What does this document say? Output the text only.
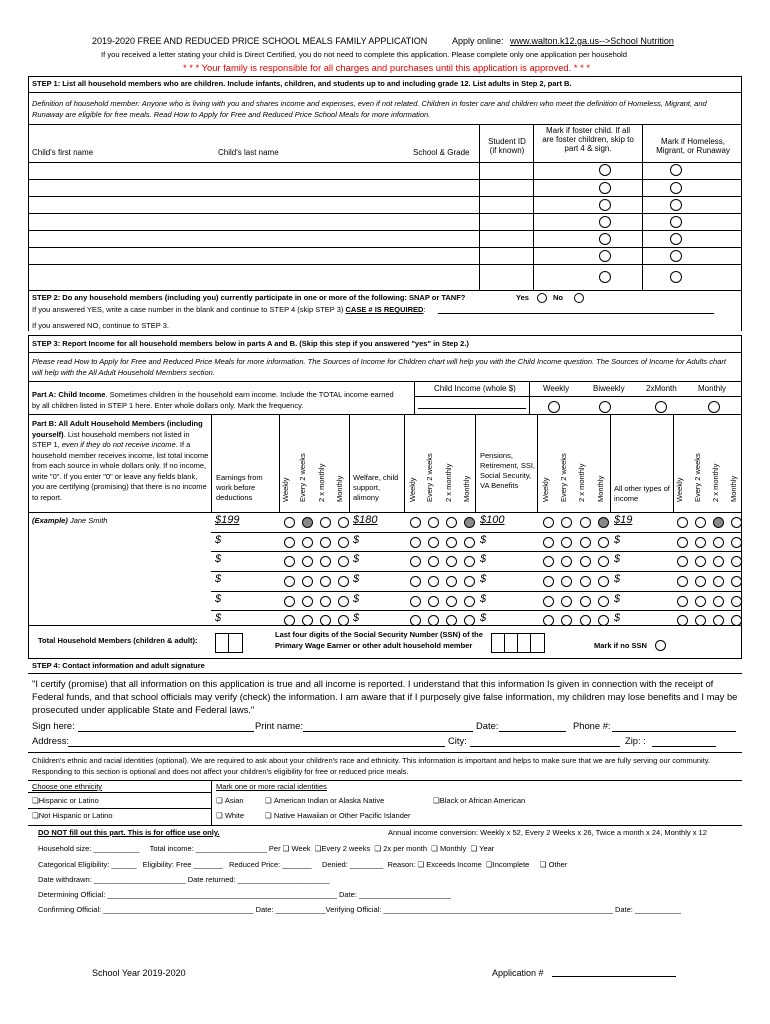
2019-2020 FREE AND REDUCED PRICE SCHOOL MEALS FAMILY APPLICATION	Apply online: www.walton.k12.ga.us-->School Nutrition
If you received a letter stating your child is Direct Certified, you do not need to complete this application. Please complete only one application per household
* * * Your family is responsible for all charges and purchases until this application is approved. * * *
STEP 1: List all household members who are children. Include infants, children, and students up to and including grade 12. List adults in Step 2, part B.
Definition of household member: Anyone who is living with you and shares income and expenses, even if not related. Children in foster care and children who meet the definition of Homeless, Migrant, and Runaway are eligible for free meals. Read How to Apply for Free and Reduced Price School Meals for more information.
Child's first name	Child's last name	School & Grade
Student ID (if known)
Mark if foster child. If all are foster children, skip to part 4 & sign.
Mark if Homeless, Migrant, or Runaway
STEP 2: Do any household members (including you) currently participate in one or more of the following: SNAP or TANF?	Yes	No
If you answered YES, write a case number in the blank and continue to STEP 4 (skip STEP 3) CASE # IS REQUIRED:
If you answered NO, continue to STEP 3.
STEP 3: Report Income for all household members below in parts A and B. (Skip this step if you answered "yes" in Step 2.)
Please read How to Apply for Free and Reduced Price Meals for more information. The Sources of Income for Children chart will help you with the Child Income question. The Sources of Income for Adults chart will help with the All Adult Household Members section.
Part A: Child Income. Sometimes children in the household earn income. Include the TOTAL income earned by all children listed in STEP 1 here. Enter whole dollars only. Mark the frequency.
Child Income (whole $)	Weekly	Biweekly	2xMonth	Monthly
Part B: All Adult Household Members (including yourself). List household members not listed in STEP 1, even if they do not receive income. If a household member receives income, list total income from each source in whole dollars only. If no income, write "0". If you enter "0" or leave any fields blank, you are certifying (promising) that there is no income to report.
Earnings from work before deductions
Welfare, child support, alimony
Pensions, Retirement, SSI, Social Security, VA Benefits	All other types of income
Weekly Every 2 weeks 2 x monthly Monthly	Weekly Every 2 weeks 2 x monthly Monthly	Weekly Every 2 weeks 2 x monthly Monthly	Weekly Every 2 weeks 2 x monthly Monthly
(Example) Jane Smith	$199	$180	$100	$19
$	$	$	$
$	$	$	$
$	$	$	$
$	$	$	$
$	$	$	$
Total Household Members (children & adult):
Last four digits of the Social Security Number (SSN) of the Primary Wage Earner or other adult household member	Mark if no SSN
STEP 4: Contact information and adult signature
"I certify (promise) that all information on this application is true and all income is reported. I understand that this information Is given in connection with the receipt of Federal funds, and that school officials may verify (check) the information. I am aware that if I purposely give false information, my children may lose benefits and I may be prosecuted under applicable State and Federal laws."
Sign here:	Print name:	Date:	Phone #:
Address:	City:	Zip: :
Children's ethnic and racial identities (optional). We are required to ask about your children's race and ethnicity. This information is important and helps to make sure that we are fully serving our community. Responding to this section is optional and does not affect your children's eligibility for free or reduced price meals.
Choose one ethnicity	Mark one or more racial identities
❏Hispanic or Latino
❏Not Hispanic or Latino
❏ Asian	❏ American Indian or Alaska Native	❏Black or African American
❏ White	❏ Native Hawaiian or Other Pacific Islander
DO NOT fill out this part. This is for office use only.	Annual income conversion: Weekly x 52, Every 2 Weeks x 26, Twice a month x 24, Monthly x 12
Household size: ___________     Total income: _________________ Per ❏ Week ❏Every 2 weeks ❏ 2x per month ❏ Monthly ❏ Year
Categorical Eligibility: ______   Eligibility: Free _______   Reduced Price: _______     Denied: ________  Reason: ❏ Exceeds Income ❏Incomplete ❏ Other
Date withdrawn: ______________________ Date returned: ______________________
Determining Official: _______________________________________________________ Date: ______________________
Confirming Official: ____________________________________ Date: ____________Verifying Official: _______________________________________________________ Date: ___________
School Year 2019-2020	Application #
